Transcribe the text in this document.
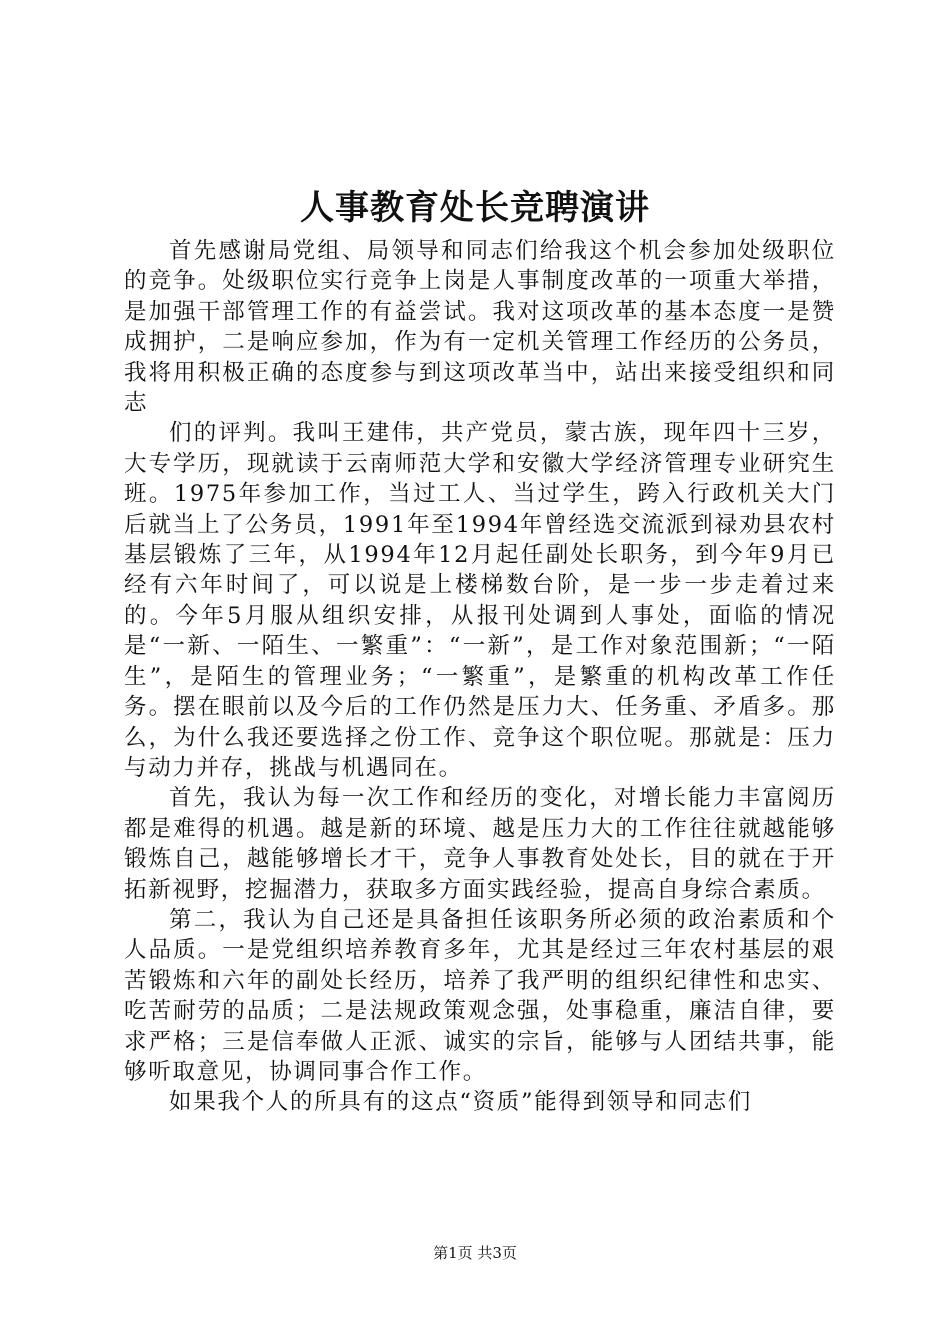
人事教育处长竞聘演讲

首先感谢局党组、局领导和同志们给我这个机会参加处级职位的竞争。处级职位实行竞争上岗是人事制度改革的一项重大举措，是加强干部管理工作的有益尝试。我对这项改革的基本态度一是赞成拥护，二是响应参加，作为有一定机关管理工作经历的公务员，我将用积极正确的态度参与到这项改革当中，站出来接受组织和同志

们的评判。我叫王建伟，共产党员，蒙古族，现年四十三岁，大专学历，现就读于云南师范大学和安徽大学经济管理专业研究生班。1975年参加工作，当过工人、当过学生，跨入行政机关大门后就当上了公务员，1991年至1994年曾经选交流派到禄劝县农村基层锻炼了三年，从1994年12月起任副处长职务，到今年9月已经有六年时间了，可以说是上楼梯数台阶，是一步一步走着过来的。今年5月服从组织安排，从报刊处调到人事处，面临的情况是“一新、一陌生、一繁重”：“一新”，是工作对象范围新；“一陌生”，是陌生的管理业务；“一繁重”，是繁重的机构改革工作任务。摆在眼前以及今后的工作仍然是压力大、任务重、矛盾多。那么，为什么我还要选择之份工作、竞争这个职位呢。那就是：压力与动力并存，挑战与机遇同在。

首先，我认为每一次工作和经历的变化，对增长能力丰富阅历都是难得的机遇。越是新的环境、越是压力大的工作往往就越能够锻炼自己，越能够增长才干，竞争人事教育处处长，目的就在于开拓新视野，挖掘潜力，获取多方面实践经验，提高自身综合素质。

第二，我认为自己还是具备担任该职务所必须的政治素质和个人品质。一是党组织培养教育多年，尤其是经过三年农村基层的艰苦锻炼和六年的副处长经历，培养了我严明的组织纪律性和忠实、吃苦耐劳的品质；二是法规政策观念强，处事稳重，廉洁自律，要求严格；三是信奉做人正派、诚实的宗旨，能够与人团结共事，能够听取意见，协调同事合作工作。

如果我个人的所具有的这点“资质”能得到领导和同志们

第1页 共3页
